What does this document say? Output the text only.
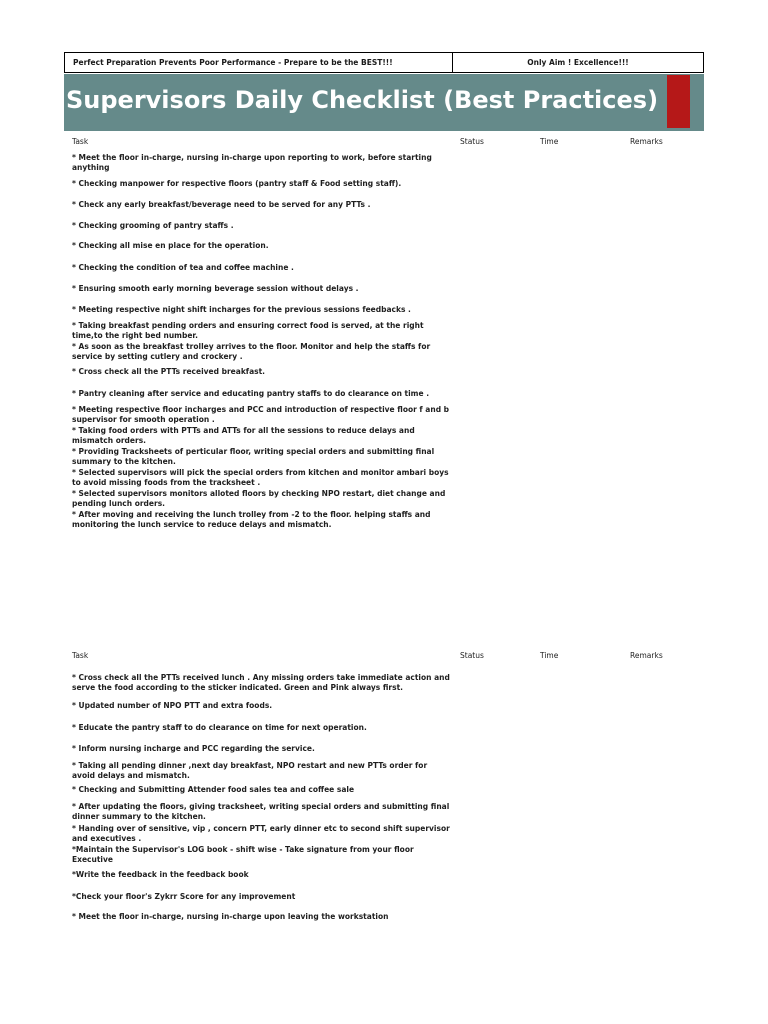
Perfect Preparation Prevents Poor Performance - Prepare to be the BEST!!!	Only Aim ! Excellence!!!
Supervisors Daily Checklist (Best Practices)
Task	Status	Time	Remarks
* Meet the floor in-charge, nursing in-charge upon reporting to work, before starting anything
* Checking manpower for respective floors (pantry staff & Food setting staff).
* Check any early breakfast/beverage need to be served for any PTTs .
* Checking grooming of pantry staffs .
* Checking all mise en place for the operation.
* Checking the condition of tea and coffee machine .
* Ensuring smooth early morning beverage session without delays .
* Meeting respective night shift incharges for the previous sessions feedbacks .
* Taking breakfast pending orders and ensuring correct food is served, at the right time,to the right bed number.
* As soon as the breakfast trolley arrives to the floor. Monitor and help the staffs for service by setting cutlery and crockery .
* Cross check all the PTTs received breakfast.
* Pantry cleaning after service and educating pantry staffs to do clearance on time .
* Meeting respective floor incharges and PCC and introduction of respective floor f and b supervisor for smooth operation .
* Taking food orders with PTTs and ATTs for all the sessions to reduce delays and mismatch orders.
* Providing Tracksheets of perticular floor, writing special orders and submitting final summary to the kitchen.
* Selected supervisors will pick the special orders from kitchen and monitor ambari boys to avoid missing foods from the tracksheet .
* Selected supervisors monitors alloted floors by checking NPO restart, diet change and pending lunch orders.
* After moving and receiving the lunch trolley from -2 to the floor. helping staffs and monitoring the lunch service to reduce delays and mismatch.
Task	Status	Time	Remarks
* Cross check all the PTTs received lunch . Any missing orders take immediate action and serve the food according to the sticker indicated. Green and Pink always first.
* Updated number of NPO PTT and extra foods.
* Educate the pantry staff to do clearance on time for next operation.
* Inform nursing incharge and PCC regarding the service.
* Taking all pending dinner ,next day breakfast, NPO restart and new PTTs order for avoid delays and mismatch.
* Checking and Submitting Attender food sales tea and coffee sale
* After updating the floors, giving tracksheet, writing special orders and submitting final dinner summary to the kitchen.
* Handing over of sensitive, vip , concern PTT, early dinner etc to second shift supervisor and executives .
*Maintain the Supervisor's LOG book - shift wise - Take signature from your floor Executive
*Write the feedback in the feedback book
*Check your floor's Zykrr Score for any improvement
* Meet the floor in-charge, nursing in-charge upon leaving the workstation
